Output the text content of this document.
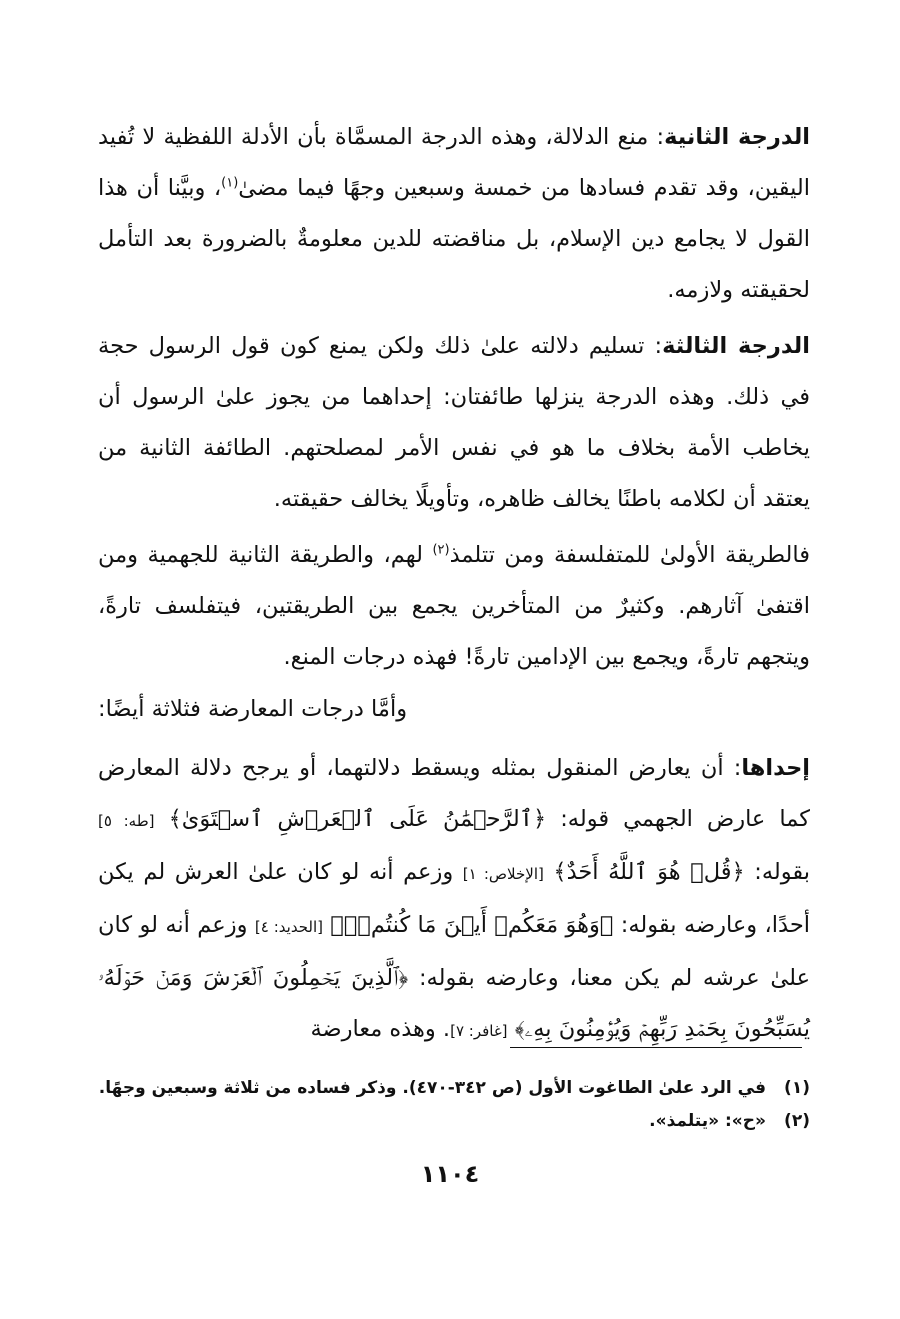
الدرجة الثانية: منع الدلالة، وهذه الدرجة المسمَّاة بأن الأدلة اللفظية لا تُفيد اليقين، وقد تقدم فسادها من خمسة وسبعين وجهًا فيما مضىٰ$^{(١)}$، وبيَّنا أن هذا القول لا يجامع دين الإسلام، بل مناقضته للدين معلومةٌ بالضرورة بعد التأمل لحقيقته ولازمه.

الدرجة الثالثة: تسليم دلالته علىٰ ذلك ولكن يمنع كون قول الرسول حجة في ذلك. وهذه الدرجة ينزلها طائفتان: إحداهما من يجوز علىٰ الرسول أن يخاطب الأمة بخلاف ما هو في نفس الأمر لمصلحتهم. الطائفة الثانية من يعتقد أن لكلامه باطنًا يخالف ظاهره، وتأويلًا يخالف حقيقته.

فالطريقة الأولىٰ للمتفلسفة ومن تتلمذ$^{(٢)}$ لهم، والطريقة الثانية للجهمية ومن اقتفىٰ آثارهم. وكثيرٌ من المتأخرين يجمع بين الطريقتين، فيتفلسف تارةً، ويتجهم تارةً، ويجمع بين الإدامين تارةً! فهذه درجات المنع.

وأمَّا درجات المعارضة فثلاثة أيضًا:

إحداها: أن يعارض المنقول بمثله ويسقط دلالتهما، أو يرجح دلالة المعارض كما عارض الجهمي قوله: ﴿ٱلرَّحۡمَٰنُ عَلَى ٱلۡعَرۡشِ ٱسۡتَوَىٰ﴾ [طه: ٥] بقوله: ﴿قُلۡ هُوَ ٱللَّهُ أَحَدٌ﴾ [الإخلاص: ١] وزعم أنه لو كان علىٰ العرش لم يكن أحدًا، وعارضه بقوله: ﴿وَهُوَ مَعَكُمۡ أَيۡنَ مَا كُنتُمۡۚ﴾ [الحديد: ٤] وزعم أنه لو كان علىٰ عرشه لم يكن معنا، وعارضه بقوله: ﴿ٱلَّذِينَ يَحۡمِلُونَ ٱلۡعَرۡشَ وَمَنۡ حَوۡلَهُۥ يُسَبِّحُونَ بِحَمۡدِ رَبِّهِمۡ وَيُؤۡمِنُونَ بِهِۦ﴾ [غافر: ٧]. وهذه معارضة

(١)في الرد علىٰ الطاغوت الأول (ص ٣٤٢-٤٧٠). وذكر فساده من ثلاثة وسبعين وجهًا.
(٢)«ح»: «يتلمذ».
١١٠٤
